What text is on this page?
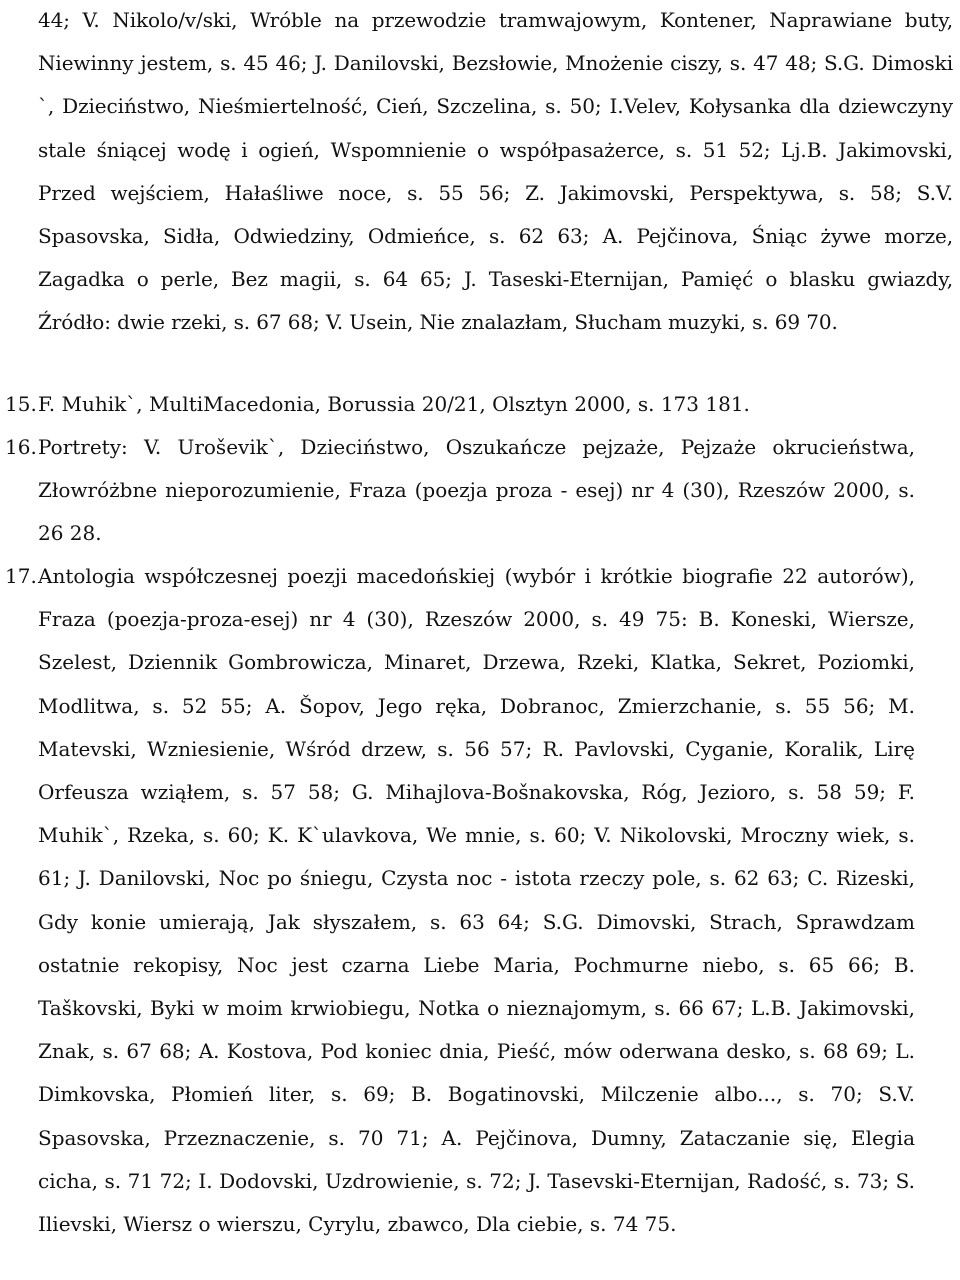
44; V. Nikolo/v/ski, Wróble na przewodzie tramwajowym, Kontener, Naprawiane buty, Niewinny jestem, s. 45 46; J. Danilovski, Bezsłowie, Mnożenie ciszy, s. 47 48; S.G. Dimoski `, Dzieciństwo, Nieśmiertelność, Cień, Szczelina, s. 50; I.Velev, Kołysanka dla dziewczyny stale śniącej wodę i ogień, Wspomnienie o współpasażerce, s. 51 52; Lj.B. Jakimovski, Przed wejściem, Hałaśliwe noce, s. 55 56; Z. Jakimovski, Perspektywa, s. 58; S.V. Spasovska, Sidła, Odwiedziny, Odmieńce, s. 62 63; A. Pejčinova, Śniąc żywe morze, Zagadka o perle, Bez magii, s. 64 65; J. Taseski-Eternijan, Pamięć o blasku gwiazdy, Źródło: dwie rzeki, s. 67 68; V. Usein, Nie znalazłam, Słucham muzyki, s. 69 70.
15. F. Muhik`, MultiMacedonia, Borussia 20/21, Olsztyn 2000, s. 173 181.
16. Portrety: V. Uroševik`, Dzieciństwo, Oszukańcze pejzaże, Pejzaże okrucieństwa, Złowróżbne nieporozumienie, Fraza (poezja proza - esej) nr 4 (30), Rzeszów 2000, s. 26 28.
17. Antologia współczesnej poezji macedońskiej (wybór i krótkie biografie 22 autorów), Fraza (poezja-proza-esej) nr 4 (30), Rzeszów 2000, s. 49 75: B. Koneski, Wiersze, Szelest, Dziennik Gombrowicza, Minaret, Drzewa, Rzeki, Klatka, Sekret, Poziomki, Modlitwa, s. 52 55; A. Šopov, Jego ręka, Dobranoc, Zmierzchanie, s. 55 56; M. Matevski, Wzniesienie, Wśród drzew, s. 56 57; R. Pavlovski, Cyganie, Koralik, Lirę Orfeusza wziąłem, s. 57 58; G. Mihajlova-Bošnakovska, Róg, Jezioro, s. 58 59; F. Muhik`, Rzeka, s. 60; K. K`ulavkova, We mnie, s. 60; V. Nikolovski, Mroczny wiek, s. 61; J. Danilovski, Noc po śniegu, Czysta noc - istota rzeczy pole, s. 62 63; C. Rizeski, Gdy konie umierają, Jak słyszałem, s. 63 64; S.G. Dimovski, Strach, Sprawdzam ostatnie rekopisy, Noc jest czarna Liebe Maria, Pochmurne niebo, s. 65 66; B. Taškovski, Byki w moim krwiobiegu, Notka o nieznajomym, s. 66 67; L.B. Jakimovski, Znak, s. 67 68; A. Kostova, Pod koniec dnia, Pieść, mów oderwana desko, s. 68 69; L. Dimkovska, Płomień liter, s. 69; B. Bogatinovski, Milczenie albo..., s. 70; S.V. Spasovska, Przeznaczenie, s. 70 71; A. Pejčinova, Dumny, Zataczanie się, Elegia cicha, s. 71 72; I. Dodovski, Uzdrowienie, s. 72; J. Tasevski-Eternijan, Radość, s. 73; S. Ilievski, Wiersz o wierszu, Cyrylu, zbawco, Dla ciebie, s. 74 75.
